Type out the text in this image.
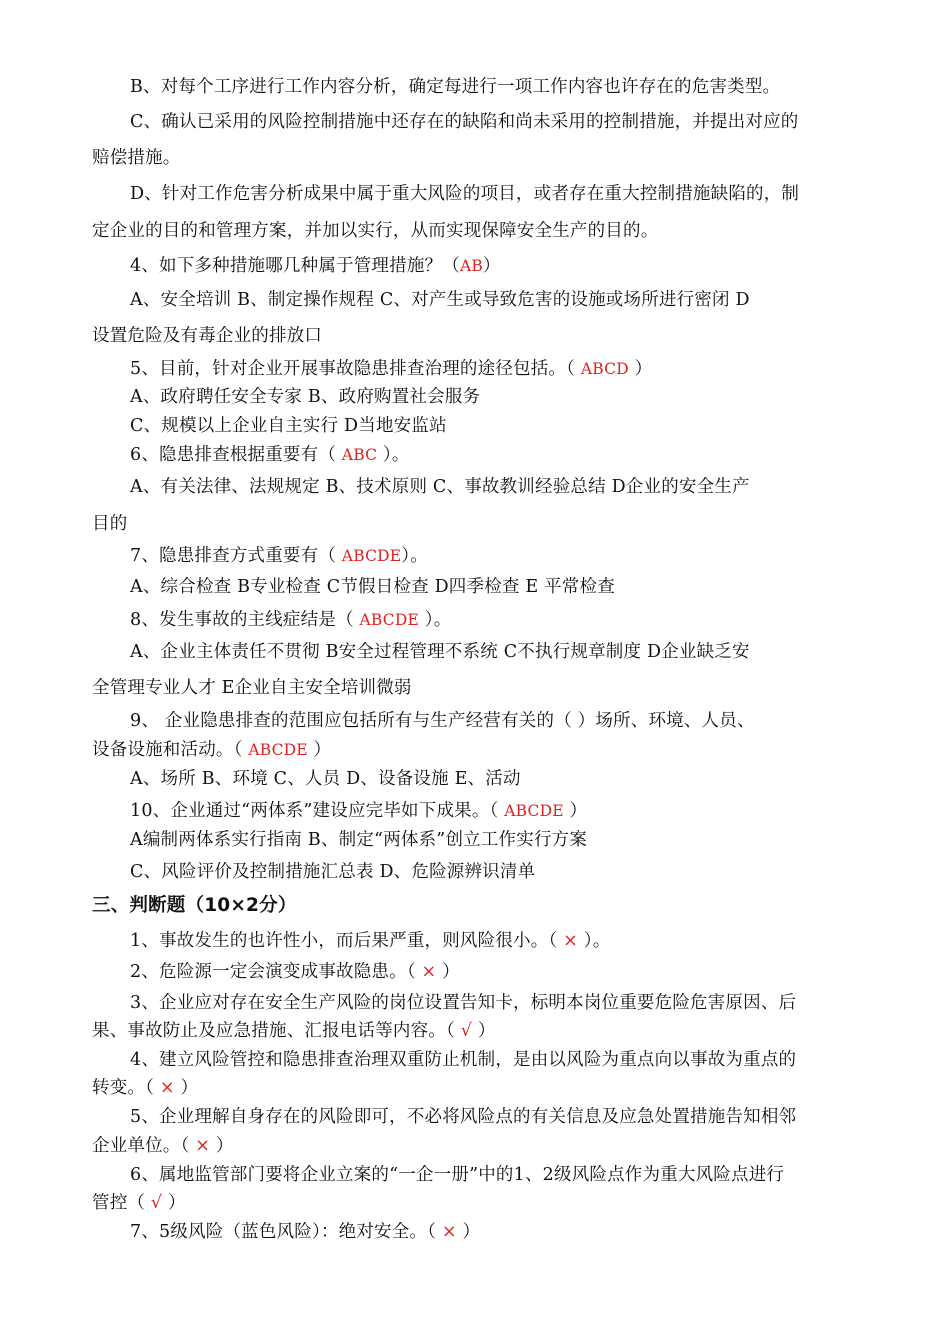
B、对每个工序进行工作内容分析，确定每进行一项工作内容也许存在的危害类型。
C、确认已采用的风险控制措施中还存在的缺陷和尚未采用的控制措施，并提出对应的
赔偿措施。
D、针对工作危害分析成果中属于重大风险的项目，或者存在重大控制措施缺陷的，制
定企业的目的和管理方案，并加以实行，从而实现保障安全生产的目的。
4、如下多种措施哪几种属于管理措施？（AB）
A、安全培训 B、制定操作规程 C、对产生或导致危害的设施或场所进行密闭 D
设置危险及有毒企业的排放口
5、目前，针对企业开展事故隐患排查治理的途径包括。（ ABCD ）
A、政府聘任安全专家 B、政府购置社会服务
C、规模以上企业自主实行 D当地安监站
6、隐患排查根据重要有（ ABC ）。
A、有关法律、法规规定 B、技术原则 C、事故教训经验总结 D企业的安全生产
目的
7、隐患排查方式重要有（ ABCDE）。
A、综合检查 B专业检查 C节假日检查 D四季检查 E 平常检查
8、发生事故的主线症结是（ ABCDE ）。
A、企业主体责任不贯彻 B安全过程管理不系统 C不执行规章制度 D企业缺乏安
全管理专业人才 E企业自主安全培训微弱
9、 企业隐患排查的范围应包括所有与生产经营有关的（ ）场所、环境、人员、
设备设施和活动。（ ABCDE ）
A、场所 B、环境 C、人员 D、设备设施 E、活动
10、企业通过“两体系”建设应完毕如下成果。（ ABCDE ）
A编制两体系实行指南 B、制定“两体系”创立工作实行方案
C、风险评价及控制措施汇总表 D、危险源辨识清单
三、判断题（10×2分）
1、事故发生的也许性小，而后果严重，则风险很小。（ × ）。
2、危险源一定会演变成事故隐患。（ × ）
3、企业应对存在安全生产风险的岗位设置告知卡，标明本岗位重要危险危害原因、后
果、事故防止及应急措施、汇报电话等内容。（ √ ）
4、建立风险管控和隐患排查治理双重防止机制，是由以风险为重点向以事故为重点的
转变。（ × ）
5、企业理解自身存在的风险即可，不必将风险点的有关信息及应急处置措施告知相邻
企业单位。（ × ）
6、属地监管部门要将企业立案的“一企一册”中的1、2级风险点作为重大风险点进行
管控（ √ ）
7、5级风险（蓝色风险）：绝对安全。（ × ）
